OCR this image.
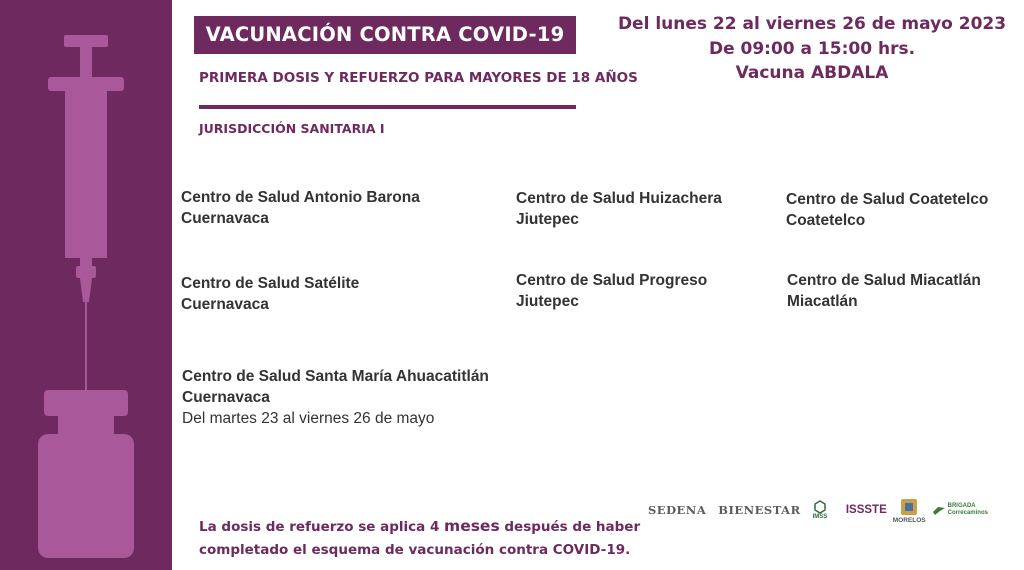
VACUNACIÓN CONTRA COVID-19
PRIMERA DOSIS Y REFUERZO PARA MAYORES DE 18 AÑOS
JURISDICCIÓN SANITARIA I
Del lunes 22 al viernes 26 de mayo 2023
De 09:00 a 15:00 hrs.
Vacuna ABDALA
Centro de Salud Antonio Barona
Cuernavaca
Centro de Salud Huizachera
Jiutepec
Centro de Salud Coatetelco
Coatetelco
Centro de Salud Satélite
Cuernavaca
Centro de Salud Progreso
Jiutepec
Centro de Salud Miacatlán
Miacatlán
Centro de Salud Santa María Ahuacatitlán
Cuernavaca
Del martes 23 al viernes 26 de mayo
La dosis de refuerzo se aplica 4 meses después de haber
completado el esquema de vacunación contra COVID-19.
SEDENA BIENESTAR IMSS
ISSSTE
MORELOS
BRIGADA
Correcaminos
